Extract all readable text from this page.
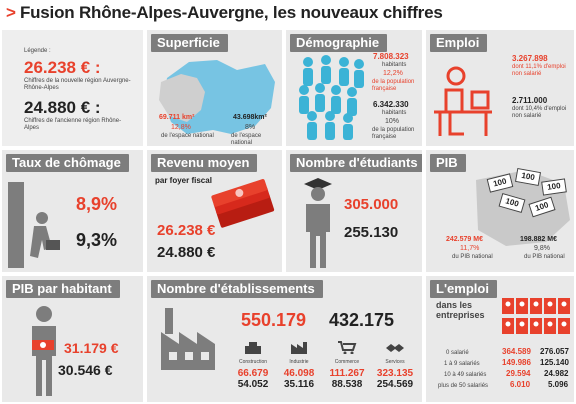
> Fusion Rhône-Alpes-Auvergne, les nouveaux chiffres
Légende :
26.238 € :
Chiffres de la nouvelle région Auvergne-Rhône-Alpes
24.880 € :
Chiffres de l'ancienne région Rhône-Alpes
Superficie
69.711 km²
12,8%
de l'espace national
43.698km²
8%
de l'espace national
Démographie
7.808.323
habitants
12,2%
de la population française
6.342.330
habitants
10%
de la population française
Emploi
3.267.898
dont 11,1% d'emploi non salarié
2.711.000
dont 10,4% d'emploi non salarié
Taux de chômage
8,9%
9,3%
Revenu moyen
par foyer fiscal
26.238 €
24.880 €
Nombre d'étudiants
305.000
255.130
PIB
100
100
100
100	100
242.579 M€
11,7%
du PIB national
198.882 M€
9,8%
du PIB national
PIB par habitant
31.179 €
30.546 €
Nombre d'établissements
550.179 432.175
Construction
66.679
54.052
Industrie
46.098
35.116
Commerce
111.267
88.538
Services
323.135
254.569
L'emploi
dans les entreprises
0 salarié	364.589 276.057
1 à 9 salariés	149.986 125.140
10 à 49 salariés 29.594 24.982
plus de 50 salariés	6.010 5.096
